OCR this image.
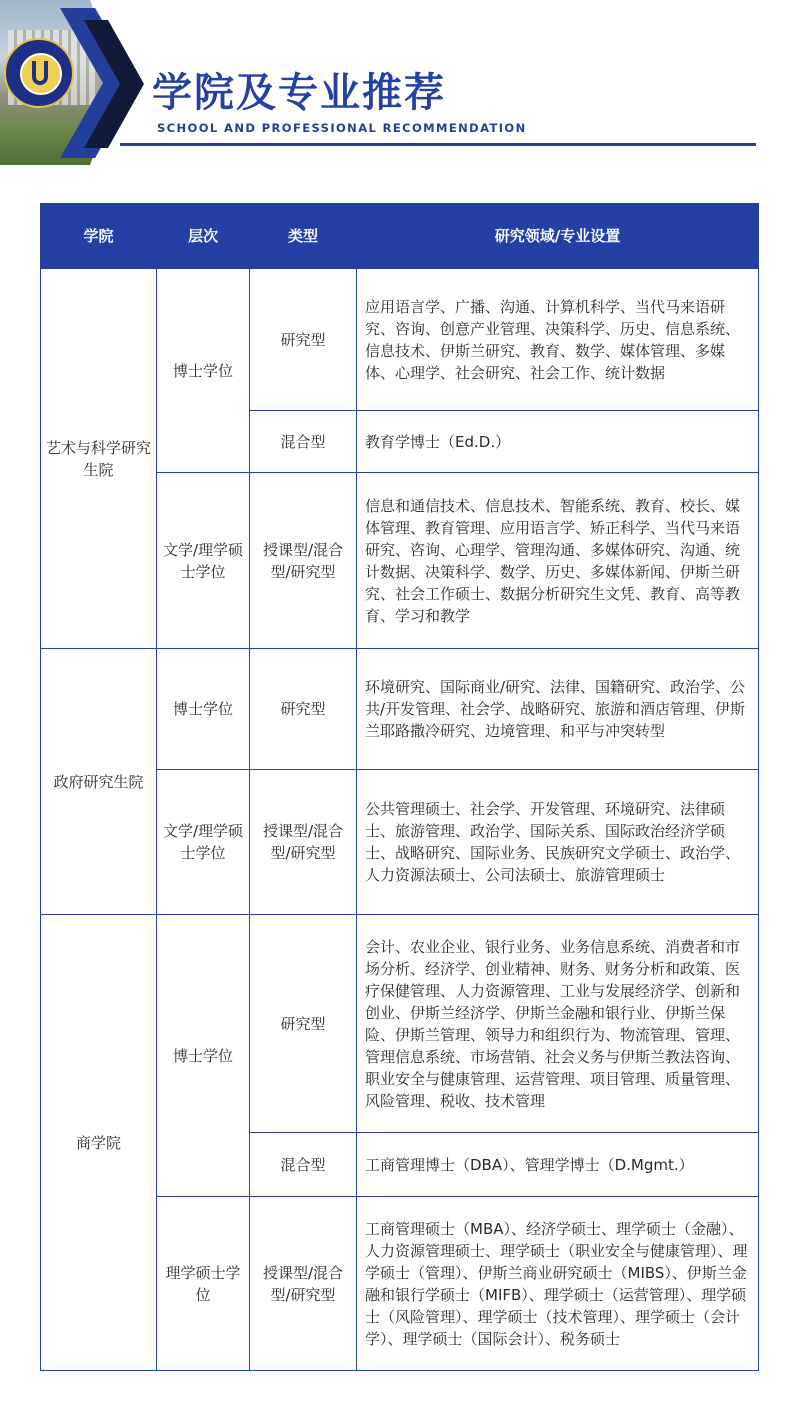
学院及专业推荐
SCHOOL AND PROFESSIONAL RECOMMENDATION
学院	层次	类型	研究领域/专业设置
艺术与科学研究生院	博士学位	研究型	应用语言学、广播、沟通、计算机科学、当代马来语研究、咨询、创意产业管理、决策科学、历史、信息系统、信息技术、伊斯兰研究、教育、数学、媒体管理、多媒体、心理学、社会研究、社会工作、统计数据
		混合型	教育学博士（Ed.D.）
	文学/理学硕士学位	授课型/混合型/研究型	信息和通信技术、信息技术、智能系统、教育、校长、媒体管理、教育管理、应用语言学、矫正科学、当代马来语研究、咨询、心理学、管理沟通、多媒体研究、沟通、统计数据、决策科学、数学、历史、多媒体新闻、伊斯兰研究、社会工作硕士、数据分析研究生文凭、教育、高等教育、学习和教学
政府研究生院	博士学位	研究型	环境研究、国际商业/研究、法律、国籍研究、政治学、公共/开发管理、社会学、战略研究、旅游和酒店管理、伊斯兰耶路撒冷研究、边境管理、和平与冲突转型
	文学/理学硕士学位	授课型/混合型/研究型	公共管理硕士、社会学、开发管理、环境研究、法律硕士、旅游管理、政治学、国际关系、国际政治经济学硕士、战略研究、国际业务、民族研究文学硕士、政治学、人力资源法硕士、公司法硕士、旅游管理硕士
商学院	博士学位	研究型	会计、农业企业、银行业务、业务信息系统、消费者和市场分析、经济学、创业精神、财务、财务分析和政策、医疗保健管理、人力资源管理、工业与发展经济学、创新和创业、伊斯兰经济学、伊斯兰金融和银行业、伊斯兰保险、伊斯兰管理、领导力和组织行为、物流管理、管理、管理信息系统、市场营销、社会义务与伊斯兰教法咨询、职业安全与健康管理、运营管理、项目管理、质量管理、风险管理、税收、技术管理
		混合型	工商管理博士（DBA）、管理学博士（D.Mgmt.）
	理学硕士学位	授课型/混合型/研究型	工商管理硕士（MBA）、经济学硕士、理学硕士（金融）、人力资源管理硕士、理学硕士（职业安全与健康管理）、理学硕士（管理）、伊斯兰商业研究硕士（MIBS）、伊斯兰金融和银行学硕士（MIFB）、理学硕士（运营管理）、理学硕士（风险管理）、理学硕士（技术管理）、理学硕士（会计学）、理学硕士（国际会计）、税务硕士
